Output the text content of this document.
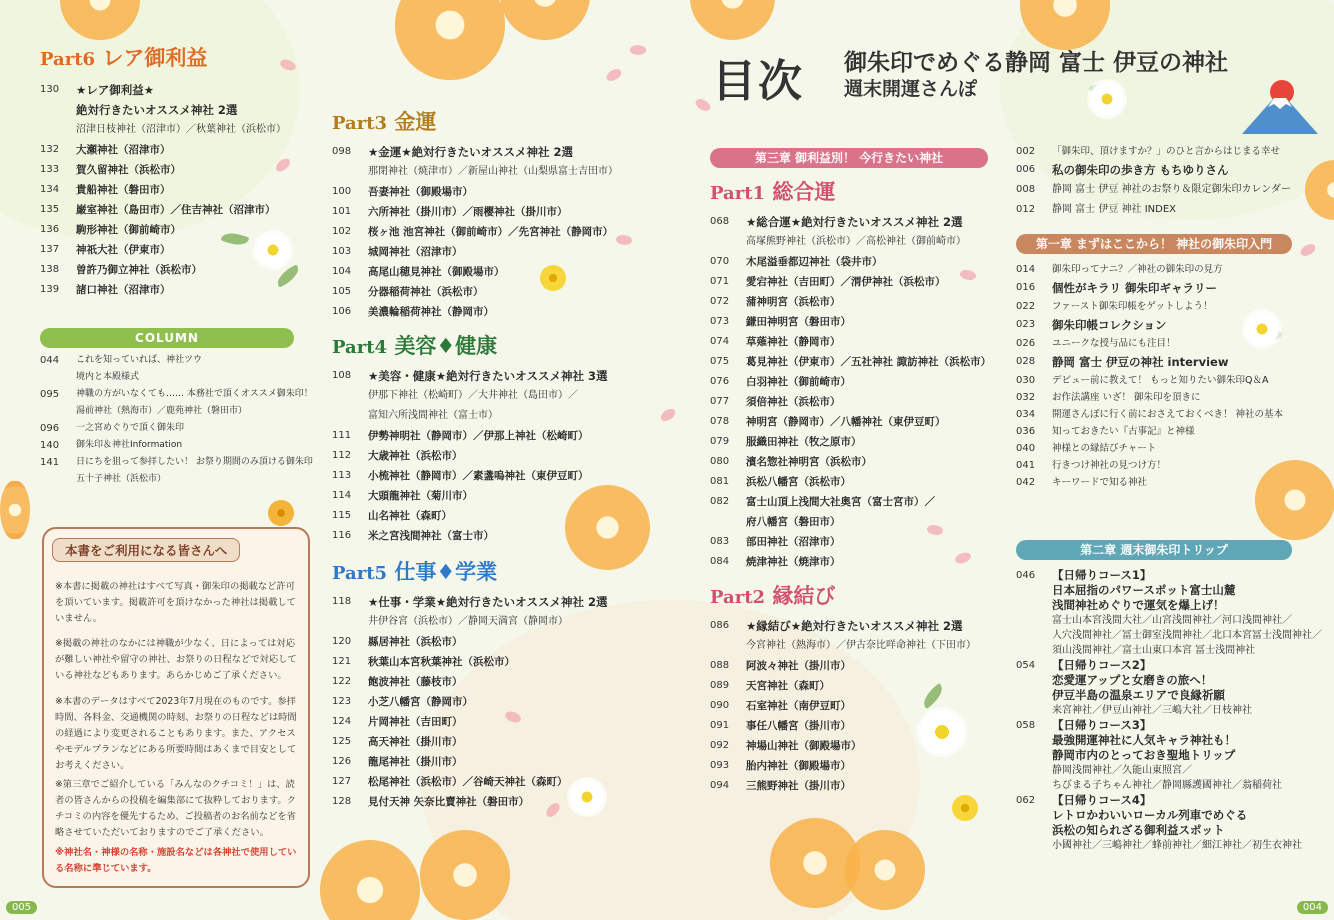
Part6 レア御利益
130	★レア御利益★
絶対行きたいオススメ神社 2選
沼津日枝神社（沼津市）／秋葉神社（浜松市）
132	大瀬神社（沼津市）
133	賀久留神社（浜松市）
134	貴船神社（磐田市）
135	巌室神社（島田市）／住吉神社（沼津市）
136	駒形神社（御前崎市）
137	神祇大社（伊東市）
138	曽許乃御立神社（浜松市）
139	諸口神社（沼津市）
COLUMN
044	これを知っていれば、神社ツウ
境内と本殿様式
095	神職の方がいなくても…… 本務社で頂くオススメ御朱印！
湯前神社（熱海市）／鹿苑神社（磐田市）
096	一之宮めぐりで頂く御朱印
140	御朱印＆神社Information
141	日にちを狙って参拝したい！ お祭り期間のみ頂ける御朱印
五十子神社（浜松市）
本書をご利用になる皆さんへ

※本書に掲載の神社はすべて写真・御朱印の掲載など許可を頂いています。掲載許可を頂けなかった神社は掲載していません。

※掲載の神社のなかには神職が少なく、日によっては対応が難しい神社や留守の神社、お祭りの日程などで対応している神社などもあります。あらかじめご了承ください。

※本書のデータはすべて2023年7月現在のものです。参拝時間、各料金、交通機関の時刻、お祭りの日程などは時間の経過により変更されることもあります。また、アクセスやモデルプランなどにある所要時間はあくまで目安としてお考えください。

※第三章でご紹介している「みんなのクチコミ！」は、読者の皆さんからの投稿を編集部にて抜粋しております。クチコミの内容を優先するため、ご投稿者のお名前などを省略させていただいておりますのでご了承ください。

※神社名・神様の名称・施設名などは各神社で使用している名称に準じています。

Part3 金運
098	★金運★絶対行きたいオススメ神社 2選
那閉神社（焼津市）／新屋山神社（山梨県富士吉田市）
100	吾妻神社（御殿場市）
101	六所神社（掛川市）／雨櫻神社（掛川市）
102	桜ヶ池 池宮神社（御前崎市）／先宮神社（静岡市）
103	城岡神社（沼津市）
104	高尾山穂見神社（御殿場市）
105	分器稲荷神社（浜松市）
106	美濃輪稲荷神社（静岡市）
Part4 美容♦健康
108	★美容・健康★絶対行きたいオススメ神社 3選
伊那下神社（松崎町）／大井神社（島田市）／
富知六所浅間神社（富士市）
111	伊勢神明社（静岡市）／伊那上神社（松崎町）
112	大歳神社（浜松市）
113	小梳神社（静岡市）／素盞嗚神社（東伊豆町）
114	大頭龍神社（菊川市）
115	山名神社（森町）
116	米之宮浅間神社（富士市）
Part5 仕事♦学業
118	★仕事・学業★絶対行きたいオススメ神社 2選
井伊谷宮（浜松市）／静岡天満宮（静岡市）
120	縣居神社（浜松市）
121	秋葉山本宮秋葉神社（浜松市）
122	飽波神社（藤枝市）
123	小芝八幡宮（静岡市）
124	片岡神社（吉田町）
125	高天神社（掛川市）
126	龍尾神社（掛川市）
127	松尾神社（浜松市）／谷崎天神社（森町）
128	見付天神 矢奈比賣神社（磐田市）
005
目次 御朱印でめぐる静岡 富士 伊豆の神社
週末開運さんぽ
第三章 御利益別！ 今行きたい神社
Part1 総合運
068	★総合運★絶対行きたいオススメ神社 2選
高塚熊野神社（浜松市）／高松神社（御前崎市）
070	木尾溢垂都辺神社（袋井市）
071	愛宕神社（吉田町）／渭伊神社（浜松市）
072	蒲神明宮（浜松市）
073	鎌田神明宮（磐田市）
074	草薙神社（静岡市）
075	葛見神社（伊東市）／五社神社 諏訪神社（浜松市）
076	白羽神社（御前崎市）
077	須倍神社（浜松市）
078	神明宮（静岡市）／八幡神社（東伊豆町）
079	服織田神社（牧之原市）
080	濱名惣社神明宮（浜松市）
081	浜松八幡宮（浜松市）
082	富士山頂上浅間大社奥宮（富士宮市）／
府八幡宮（磐田市）
083	部田神社（沼津市）
084	焼津神社（焼津市）
Part2 縁結び
086	★縁結び★絶対行きたいオススメ神社 2選
今宮神社（熱海市）／伊古奈比咩命神社（下田市）
088	阿波々神社（掛川市）
089	天宮神社（森町）
090	石室神社（南伊豆町）
091	事任八幡宮（掛川市）
092	神場山神社（御殿場市）
093	胎内神社（御殿場市）
094	三熊野神社（掛川市）
002	「御朱印、頂けますか？」のひと言からはじまる幸せ
006	私の御朱印の歩き方 もちゆりさん
008	静岡 富士 伊豆 神社のお祭り＆限定御朱印カレンダー
012	静岡 富士 伊豆 神社 INDEX
第一章 まずはここから！ 神社の御朱印入門
014	御朱印ってナニ？／神社の御朱印の見方
016	個性がキラリ 御朱印ギャラリー
022	ファースト御朱印帳をゲットしよう！
023	御朱印帳コレクション
026	ユニークな授与品にも注目！
028	静岡 富士 伊豆の神社 interview
030	デビュー前に教えて！ もっと知りたい御朱印Q＆A
032	お作法講座 いざ！ 御朱印を頂きに
034	開運さんぽに行く前におさえておくべき！ 神社の基本
036	知っておきたい『古事記』と神様
040	神様との縁結びチャート
041	行きつけ神社の見つけ方！
042	キーワードで知る神社
第二章 週末御朱印トリップ
046	【日帰りコース1】
日本屈指のパワースポット富士山麓
浅間神社めぐりで運気を爆上げ！
富士山本宮浅間大社／山宮浅間神社／河口浅間神社／
人穴浅間神社／冨士御室浅間神社／北口本宮冨士浅間神社／
須山浅間神社／富士山東口本宮 冨士浅間神社
054	【日帰りコース2】
恋愛運アップと女磨きの旅へ！
伊豆半島の温泉エリアで良縁祈願
来宮神社／伊豆山神社／三嶋大社／日枝神社
058	【日帰りコース3】
最強開運神社に人気キャラ神社も！
静岡市内のとっておき聖地トリップ
静岡浅間神社／久能山東照宮／
ちびまる子ちゃん神社／静岡縣護國神社／翁稲荷社
062	【日帰りコース4】
レトロかわいいローカル列車でめぐる
浜松の知られざる御利益スポット
小國神社／三嶋神社／蜂前神社／細江神社／初生衣神社
004
